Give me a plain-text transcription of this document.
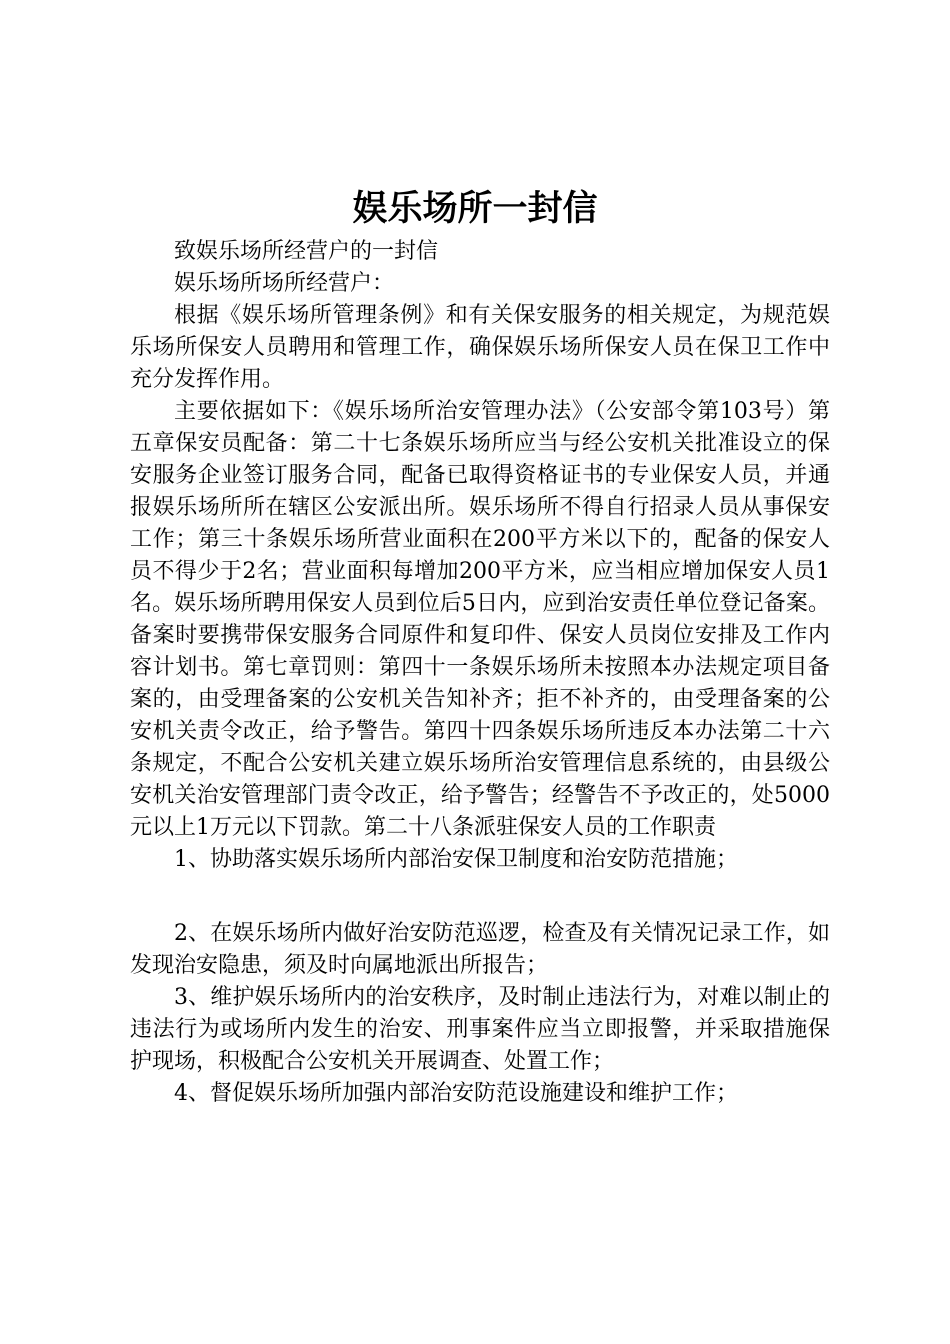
娱乐场所一封信

致娱乐场所经营户的一封信

娱乐场所场所经营户：

根据《娱乐场所管理条例》和有关保安服务的相关规定，为规范娱乐场所保安人员聘用和管理工作，确保娱乐场所保安人员在保卫工作中充分发挥作用。

主要依据如下：《娱乐场所治安管理办法》（公安部令第103号）第五章保安员配备：第二十七条娱乐场所应当与经公安机关批准设立的保安服务企业签订服务合同，配备已取得资格证书的专业保安人员，并通报娱乐场所所在辖区公安派出所。娱乐场所不得自行招录人员从事保安工作；第三十条娱乐场所营业面积在200平方米以下的，配备的保安人员不得少于2名；营业面积每增加200平方米，应当相应增加保安人员1名。娱乐场所聘用保安人员到位后5日内，应到治安责任单位登记备案。备案时要携带保安服务合同原件和复印件、保安人员岗位安排及工作内容计划书。第七章罚则：第四十一条娱乐场所未按照本办法规定项目备案的，由受理备案的公安机关告知补齐；拒不补齐的，由受理备案的公安机关责令改正，给予警告。第四十四条娱乐场所违反本办法第二十六条规定，不配合公安机关建立娱乐场所治安管理信息系统的，由县级公安机关治安管理部门责令改正，给予警告；经警告不予改正的，处5000元以上1万元以下罚款。第二十八条派驻保安人员的工作职责

1、协助落实娱乐场所内部治安保卫制度和治安防范措施；

2、在娱乐场所内做好治安防范巡逻，检查及有关情况记录工作，如发现治安隐患，须及时向属地派出所报告；

3、维护娱乐场所内的治安秩序，及时制止违法行为，对难以制止的违法行为或场所内发生的治安、刑事案件应当立即报警，并采取措施保护现场，积极配合公安机关开展调查、处置工作；

4、督促娱乐场所加强内部治安防范设施建设和维护工作；
